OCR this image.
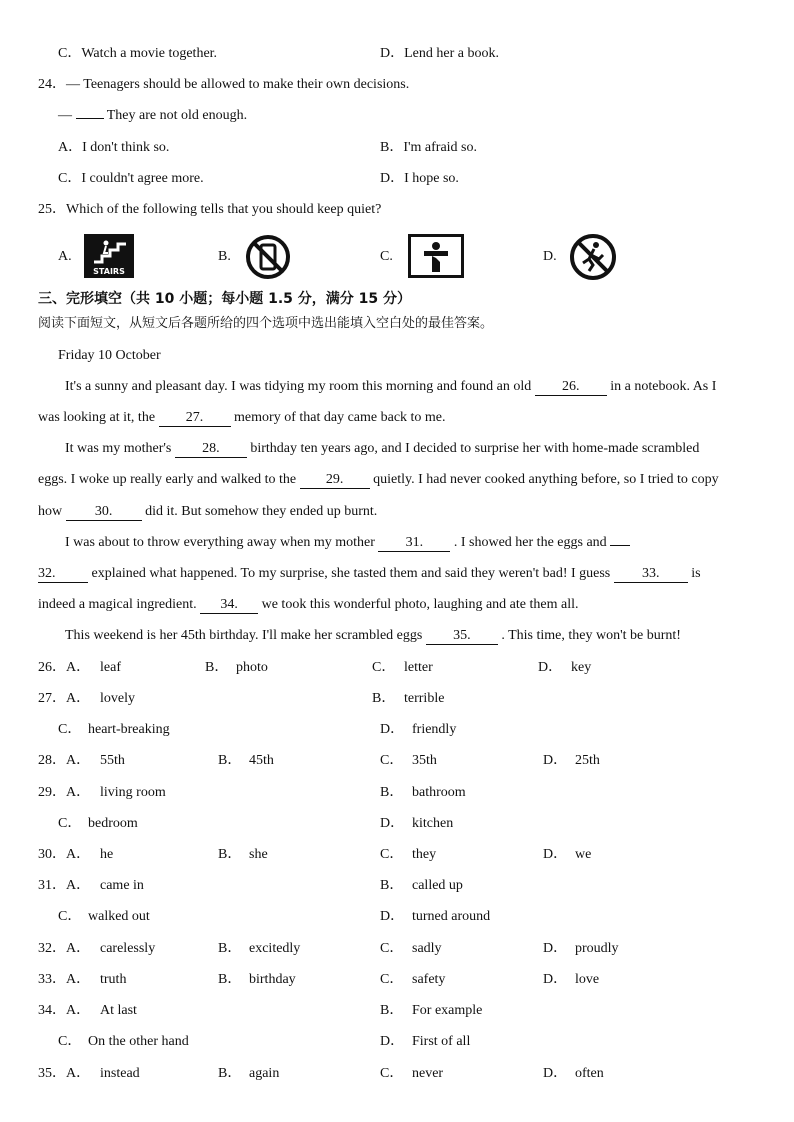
C．Watch a movie together.	D．Lend her a book.
24．— Teenagers should be allowed to make their own decisions.
—  They are not old enough.
A．I don't think so.	B．I'm afraid so.
C．I couldn't agree more.	D．I hope so.
25．Which of the following tells that you should keep quiet?
A.
STAIRS
B.	C.	D.
三、完形填空（共 10 小题；每小题 1.5 分，满分 15 分）
阅读下面短文，从短文后各题所给的四个选项中选出能填入空白处的最佳答案。
Friday 10 October
It's a sunny and pleasant day. I was tidying my room this morning and found an old 26. in a notebook. As I
was looking at it, the 27. memory of that day came back to me.
It was my mother's 28. birthday ten years ago, and I decided to surprise her with home-made scrambled
eggs. I woke up really early and walked to the 29. quietly. I had never cooked anything before, so I tried to copy
how 30. did it. But somehow they ended up burnt.
I was about to throw everything away when my mother 31. . I showed her the eggs and
32. explained what happened. To my surprise, she tasted them and said they weren't bad! I guess 33. is
indeed a magical ingredient. 34. we took this wonderful photo, laughing and ate them all.
This weekend is her 45th birthday. I'll make her scrambled eggs 35. . This time, they won't be burnt!
26．A． leaf	B． photo	C． letter	D． key
27．A． lovely	B． terrible
C． heart-breaking	D． friendly
28．A． 55th	B． 45th	C． 35th	D． 25th
29．A． living room	B． bathroom
C． bedroom	D． kitchen
30．A． he	B． she	C． they	D． we
31．A． came in	B． called up
C． walked out	D． turned around
32．A． carelessly	B． excitedly	C． sadly	D． proudly
33．A． truth	B． birthday	C． safety	D． love
34．A． At last	B． For example
C． On the other hand	D． First of all
35．A． instead	B． again	C． never	D． often
